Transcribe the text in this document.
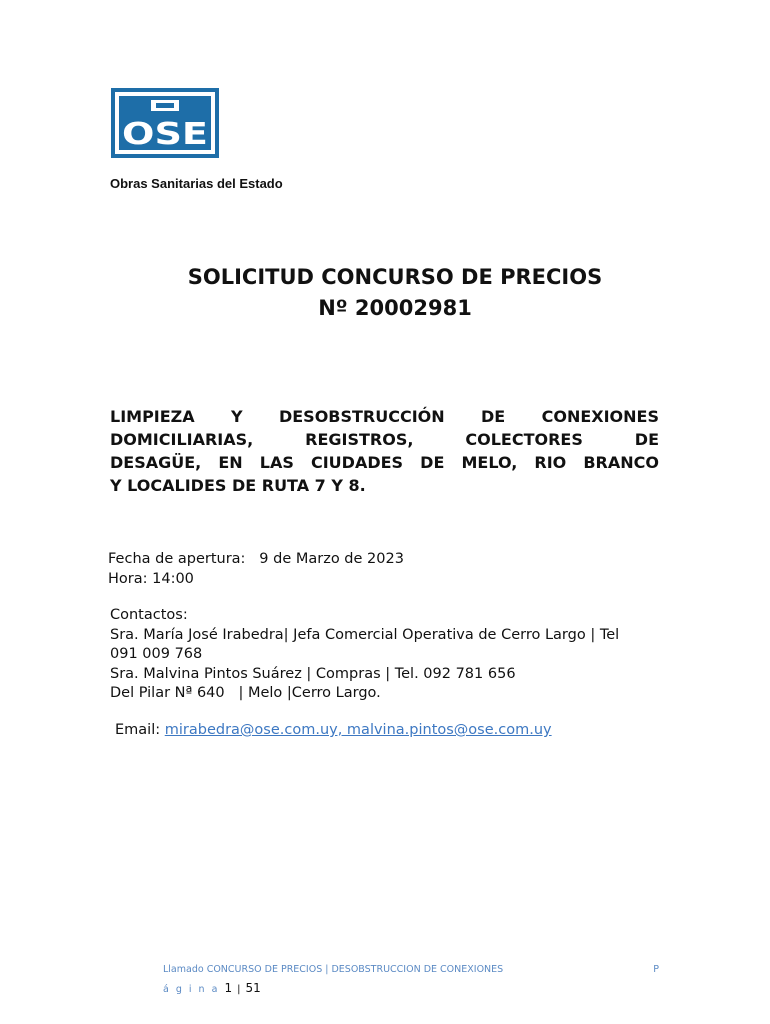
OSE

Obras Sanitarias del Estado

SOLICITUD CONCURSO DE PRECIOS
Nº 20002981
LIMPIEZA Y DESOBSTRUCCIÓN DE CONEXIONES
DOMICILIARIAS, REGISTROS, COLECTORES DE
DESAGÜE, EN LAS CIUDADES DE MELO, RIO BRANCO
Y LOCALIDES DE RUTA 7 Y 8.
Fecha de apertura: 9 de Marzo de 2023
Hora: 14:00
Contactos:
Sra. María José Irabedra| Jefa Comercial Operativa de Cerro Largo | Tel
091 009 768
Sra. Malvina Pintos Suárez | Compras | Tel. 092 781 656
Del Pilar Nª 640   | Melo |Cerro Largo.
Email: mirabedra@ose.com.uy, malvina.pintos@ose.com.uy
Llamado CONCURSO DE PRECIOS | DESOBSTRUCCION DE CONEXIONES	P
á g i n a 1 | 51
